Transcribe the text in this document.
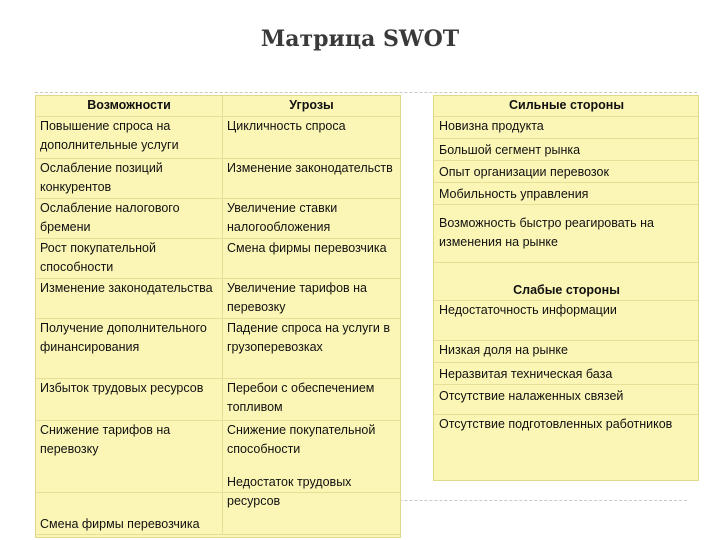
Матрица SWOT
Возможности	Угрозы
Повышение спроса на дополнительные услуги	Цикличность спроса
Ослабление позиций конкурентов	Изменение законодательств
Ослабление налогового бремени	Увеличение ставки налогообложения
Рост покупательной способности	Смена фирмы перевозчика
Изменение законодательства	Увеличение тарифов на перевозку
Получение дополнительного финансирования	Падение спроса на услуги в грузоперевозках
Избыток трудовых ресурсов	Перебои с обеспечением топливом
Снижение тарифов на перевозку	Снижение покупательной способности
Смена фирмы перевозчика	Недостаток трудовых ресурсов
Сильные стороны
Новизна продукта
Большой сегмент рынка
Опыт организации перевозок
Мобильность управления
Возможность быстро реагировать на изменения на рынке
Слабые стороны
Недостаточность информации
Низкая доля на рынке
Неразвитая техническая база
Отсутствие налаженных связей
Отсутствие подготовленных работников
